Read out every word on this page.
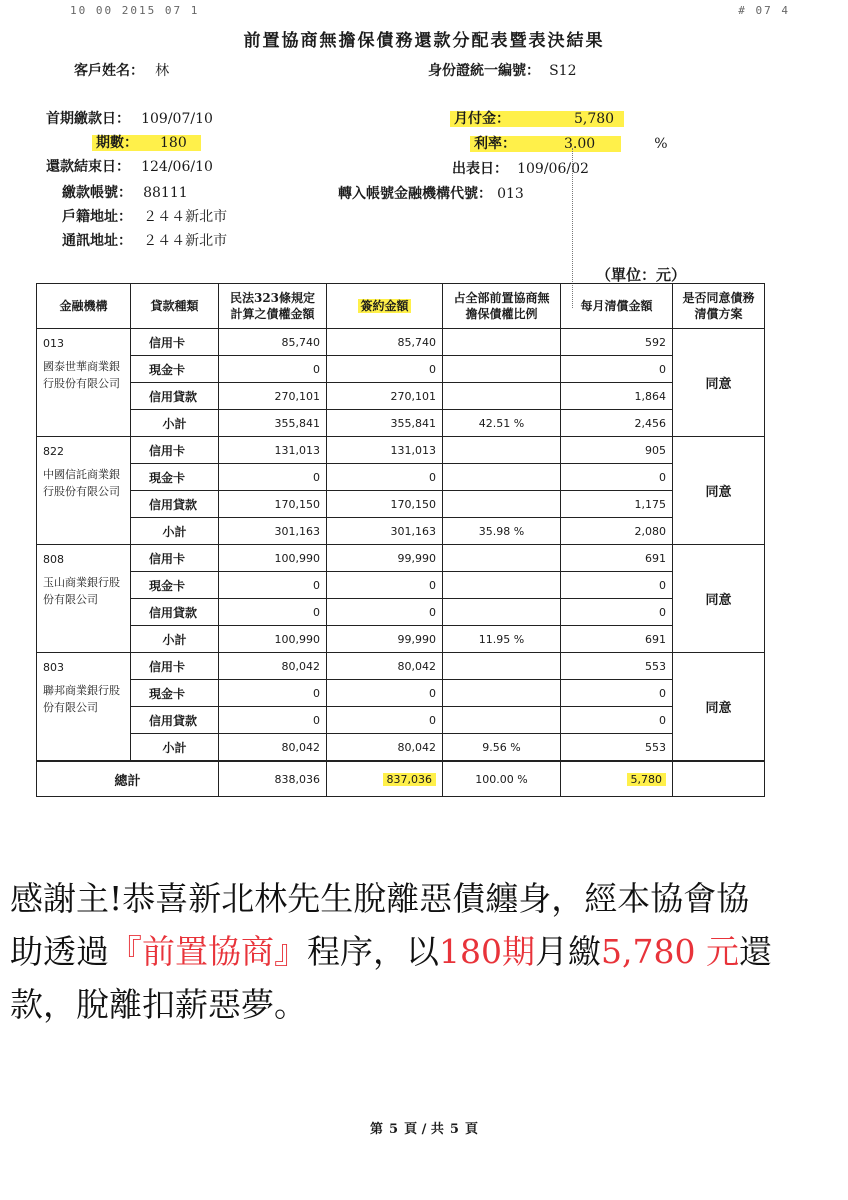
10 00 2015 07 1	# 07 4
前置協商無擔保債務還款分配表暨表決結果
客戶姓名： 林	身份證統一編號： S12
首期繳款日： 109/07/10
期數： 180
還款結束日： 124/06/10
繳款帳號： 88111
戶籍地址： ２４４新北市
通訊地址： ２４４新北市
月付金：	5,780
利率：	3.00	%
出表日： 109/06/02
轉入帳號金融機構代號： 013
（單位：元）
金融機構	貸款種類	民法323條規定計算之債權金額	簽約金額	占全部前置協商無擔保債權比例	每月清償金額	是否同意債務清償方案

013
國泰世華商業銀行股份有限公司	信用卡	85,740	85,740		592	同意
	現金卡	0	0		0	
	信用貸款	270,101	270,101		1,864	
	小計	355,841	355,841	42.51 %	2,456	

822
中國信託商業銀行股份有限公司	信用卡	131,013	131,013		905	同意
	現金卡	0	0		0	
	信用貸款	170,150	170,150		1,175	
	小計	301,163	301,163	35.98 %	2,080	

808
玉山商業銀行股份有限公司	信用卡	100,990	99,990		691	同意
	現金卡	0	0		0	
	信用貸款	0	0		0	
	小計	100,990	99,990	11.95 %	691	

803
聯邦商業銀行股份有限公司	信用卡	80,042	80,042		553	同意
	現金卡	0	0		0	
	信用貸款	0	0		0	
	小計	80,042	80,042	9.56 %	553	
總計		838,036	837,036	100.00 %	5,780	
感謝主!恭喜新北林先生脫離惡債纏身，經本協會協助透過『前置協商』程序，以180期月繳5,780 元還款，脫離扣薪惡夢。
第 5 頁 / 共 5 頁
